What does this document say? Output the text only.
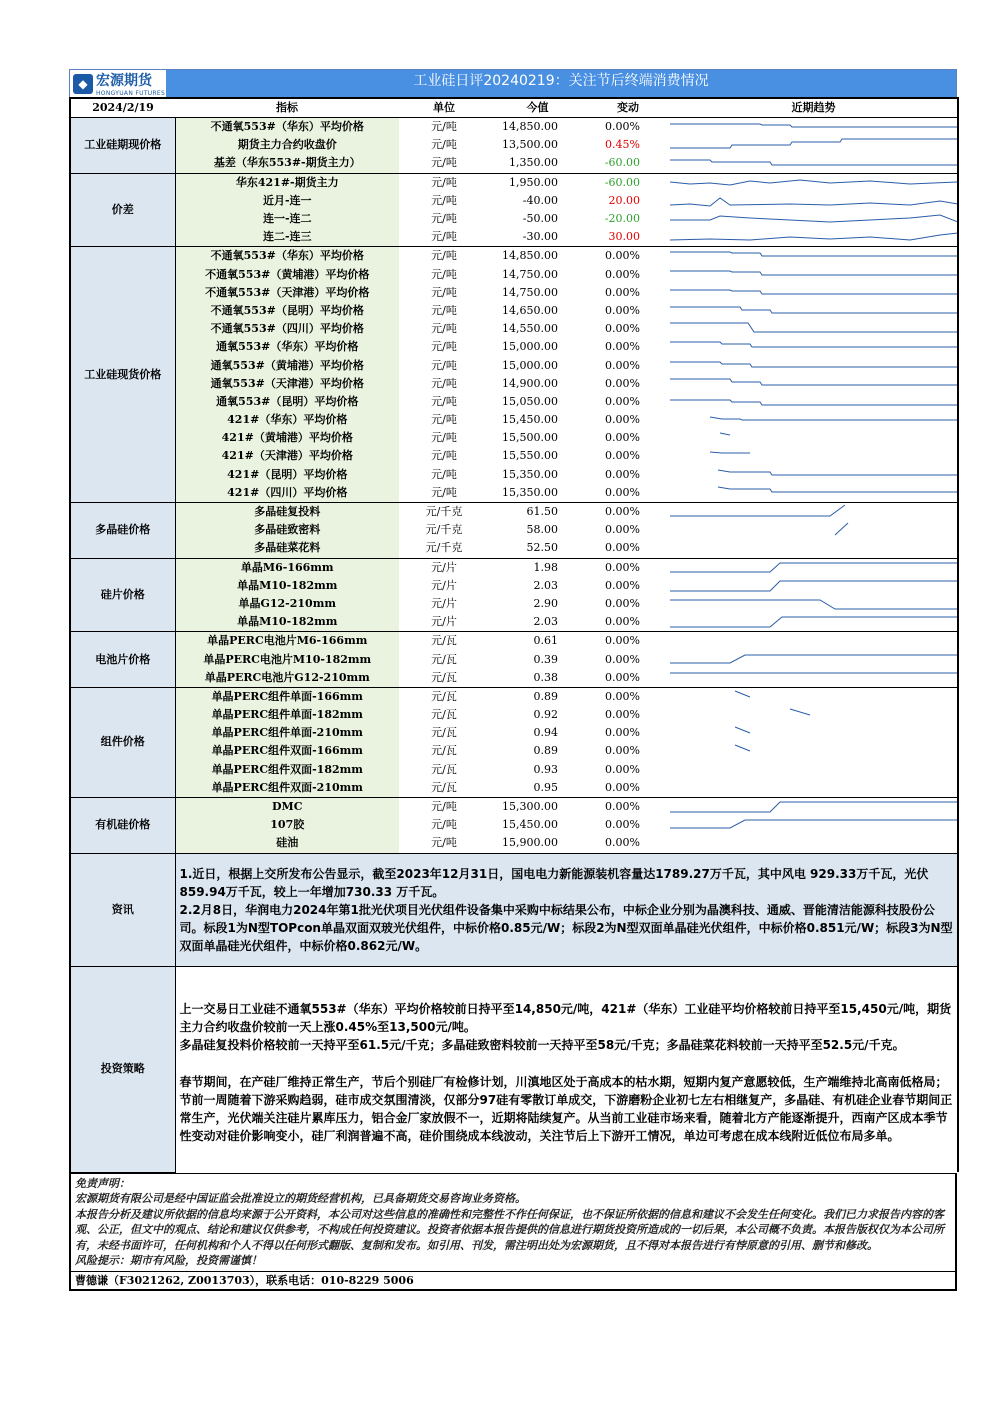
◆ 宏源期货
HONGYUAN FUTURES
工业硅日评20240219：关注节后终端消费情况
2024/2/19	指标	单位	今值	变动	近期趋势
工业硅期现价格	不通氧553#（华东）平均价格	元/吨	14,850.00	0.00%	

	期货主力合约收盘价	元/吨	13,500.00	0.45%	

	基差（华东553#-期货主力）	元/吨	1,350.00	-60.00	

价差	华东421#-期货主力	元/吨	1,950.00	-60.00	

	近月-连一	元/吨	-40.00	20.00	

	连一-连二	元/吨	-50.00	-20.00	

	连二-连三	元/吨	-30.00	30.00	

工业硅现货价格	不通氧553#（华东）平均价格	元/吨	14,850.00	0.00%	

	不通氧553#（黄埔港）平均价格	元/吨	14,750.00	0.00%	

	不通氧553#（天津港）平均价格	元/吨	14,750.00	0.00%	

	不通氧553#（昆明）平均价格	元/吨	14,650.00	0.00%	

	不通氧553#（四川）平均价格	元/吨	14,550.00	0.00%	

	通氧553#（华东）平均价格	元/吨	15,000.00	0.00%	

	通氧553#（黄埔港）平均价格	元/吨	15,000.00	0.00%	

	通氧553#（天津港）平均价格	元/吨	14,900.00	0.00%	

	通氧553#（昆明）平均价格	元/吨	15,050.00	0.00%	

	421#（华东）平均价格	元/吨	15,450.00	0.00%	

	421#（黄埔港）平均价格	元/吨	15,500.00	0.00%	

	421#（天津港）平均价格	元/吨	15,550.00	0.00%	

	421#（昆明）平均价格	元/吨	15,350.00	0.00%	

	421#（四川）平均价格	元/吨	15,350.00	0.00%	

多晶硅价格	多晶硅复投料	元/千克	61.50	0.00%	

	多晶硅致密料	元/千克	58.00	0.00%	

	多晶硅菜花料	元/千克	52.50	0.00%	

硅片价格	单晶M6-166mm	元/片	1.98	0.00%	

	单晶M10-182mm	元/片	2.03	0.00%	

	单晶G12-210mm	元/片	2.90	0.00%	

	单晶M10-182mm	元/片	2.03	0.00%	

电池片价格	单晶PERC电池片M6-166mm	元/瓦	0.61	0.00%	

	单晶PERC电池片M10-182mm	元/瓦	0.39	0.00%	

	单晶PERC电池片G12-210mm	元/瓦	0.38	0.00%	

组件价格	单晶PERC组件单面-166mm	元/瓦	0.89	0.00%	

	单晶PERC组件单面-182mm	元/瓦	0.92	0.00%	

	单晶PERC组件单面-210mm	元/瓦	0.94	0.00%	

	单晶PERC组件双面-166mm	元/瓦	0.89	0.00%	

	单晶PERC组件双面-182mm	元/瓦	0.93	0.00%	

	单晶PERC组件双面-210mm	元/瓦	0.95	0.00%	

有机硅价格	DMC	元/吨	15,300.00	0.00%	

	107胶	元/吨	15,450.00	0.00%	

	硅油	元/吨	15,900.00	0.00%	

资讯	1.近日，根据上交所发布公告显示，截至2023年12月31日，国电电力新能源装机容量达1789.27万千瓦，其中风电 929.33万千瓦，光伏859.94万千瓦，较上一年增加730.33 万千瓦。

2.2月8日，华润电力2024年第1批光伏项目光伏组件设备集中采购中标结果公布，中标企业分别为晶澳科技、通威、晋能清洁能源科技股份公司。标段1为N型TOPcon单晶双面双玻光伏组件，中标价格0.85元/W；标段2为N型双面单晶硅光伏组件，中标价格0.851元/W；标段3为N型双面单晶硅光伏组件，中标价格0.862元/W。				

投资策略	上一交易日工业硅不通氧553#（华东）平均价格较前日持平至14,850元/吨，421#（华东）工业硅平均价格较前日持平至15,450元/吨，期货主力合约收盘价较前一天上涨0.45%至13,500元/吨。

多晶硅复投料价格较前一天持平至61.5元/千克；多晶硅致密料较前一天持平至58元/千克；多晶硅菜花料较前一天持平至52.5元/千克。

春节期间，在产硅厂维持正常生产，节后个别硅厂有检修计划，川滇地区处于高成本的枯水期，短期内复产意愿较低，生产端维持北高南低格局；节前一周随着下游采购趋弱，硅市成交氛围清淡，仅部分97硅有零散订单成交，下游磨粉企业初七左右相继复产，多晶硅、有机硅企业春节期间正常生产，光伏端关注硅片累库压力，铝合金厂家放假不一，近期将陆续复产。从当前工业硅市场来看，随着北方产能逐渐提升，西南产区成本季节性变动对硅价影响变小，硅厂利润普遍不高，硅价围绕成本线波动，关注节后上下游开工情况，单边可考虑在成本线附近低位布局多单。				

免责声明：

宏源期货有限公司是经中国证监会批准设立的期货经营机构，已具备期货交易咨询业务资格。

本报告分析及建议所依据的信息均来源于公开资料，本公司对这些信息的准确性和完整性不作任何保证，也不保证所依据的信息和建议不会发生任何变化。我们已力求报告内容的客观、公正，但文中的观点、结论和建议仅供参考，不构成任何投资建议。投资者依据本报告提供的信息进行期货投资所造成的一切后果，本公司概不负责。本报告版权仅为本公司所有，未经书面许可，任何机构和个人不得以任何形式翻版、复制和发布。如引用、刊发，需注明出处为宏源期货，且不得对本报告进行有悖原意的引用、删节和修改。

风险提示：期市有风险，投资需谨慎！

曹德谦（F3021262, Z0013703），联系电话：010-8229 5006
